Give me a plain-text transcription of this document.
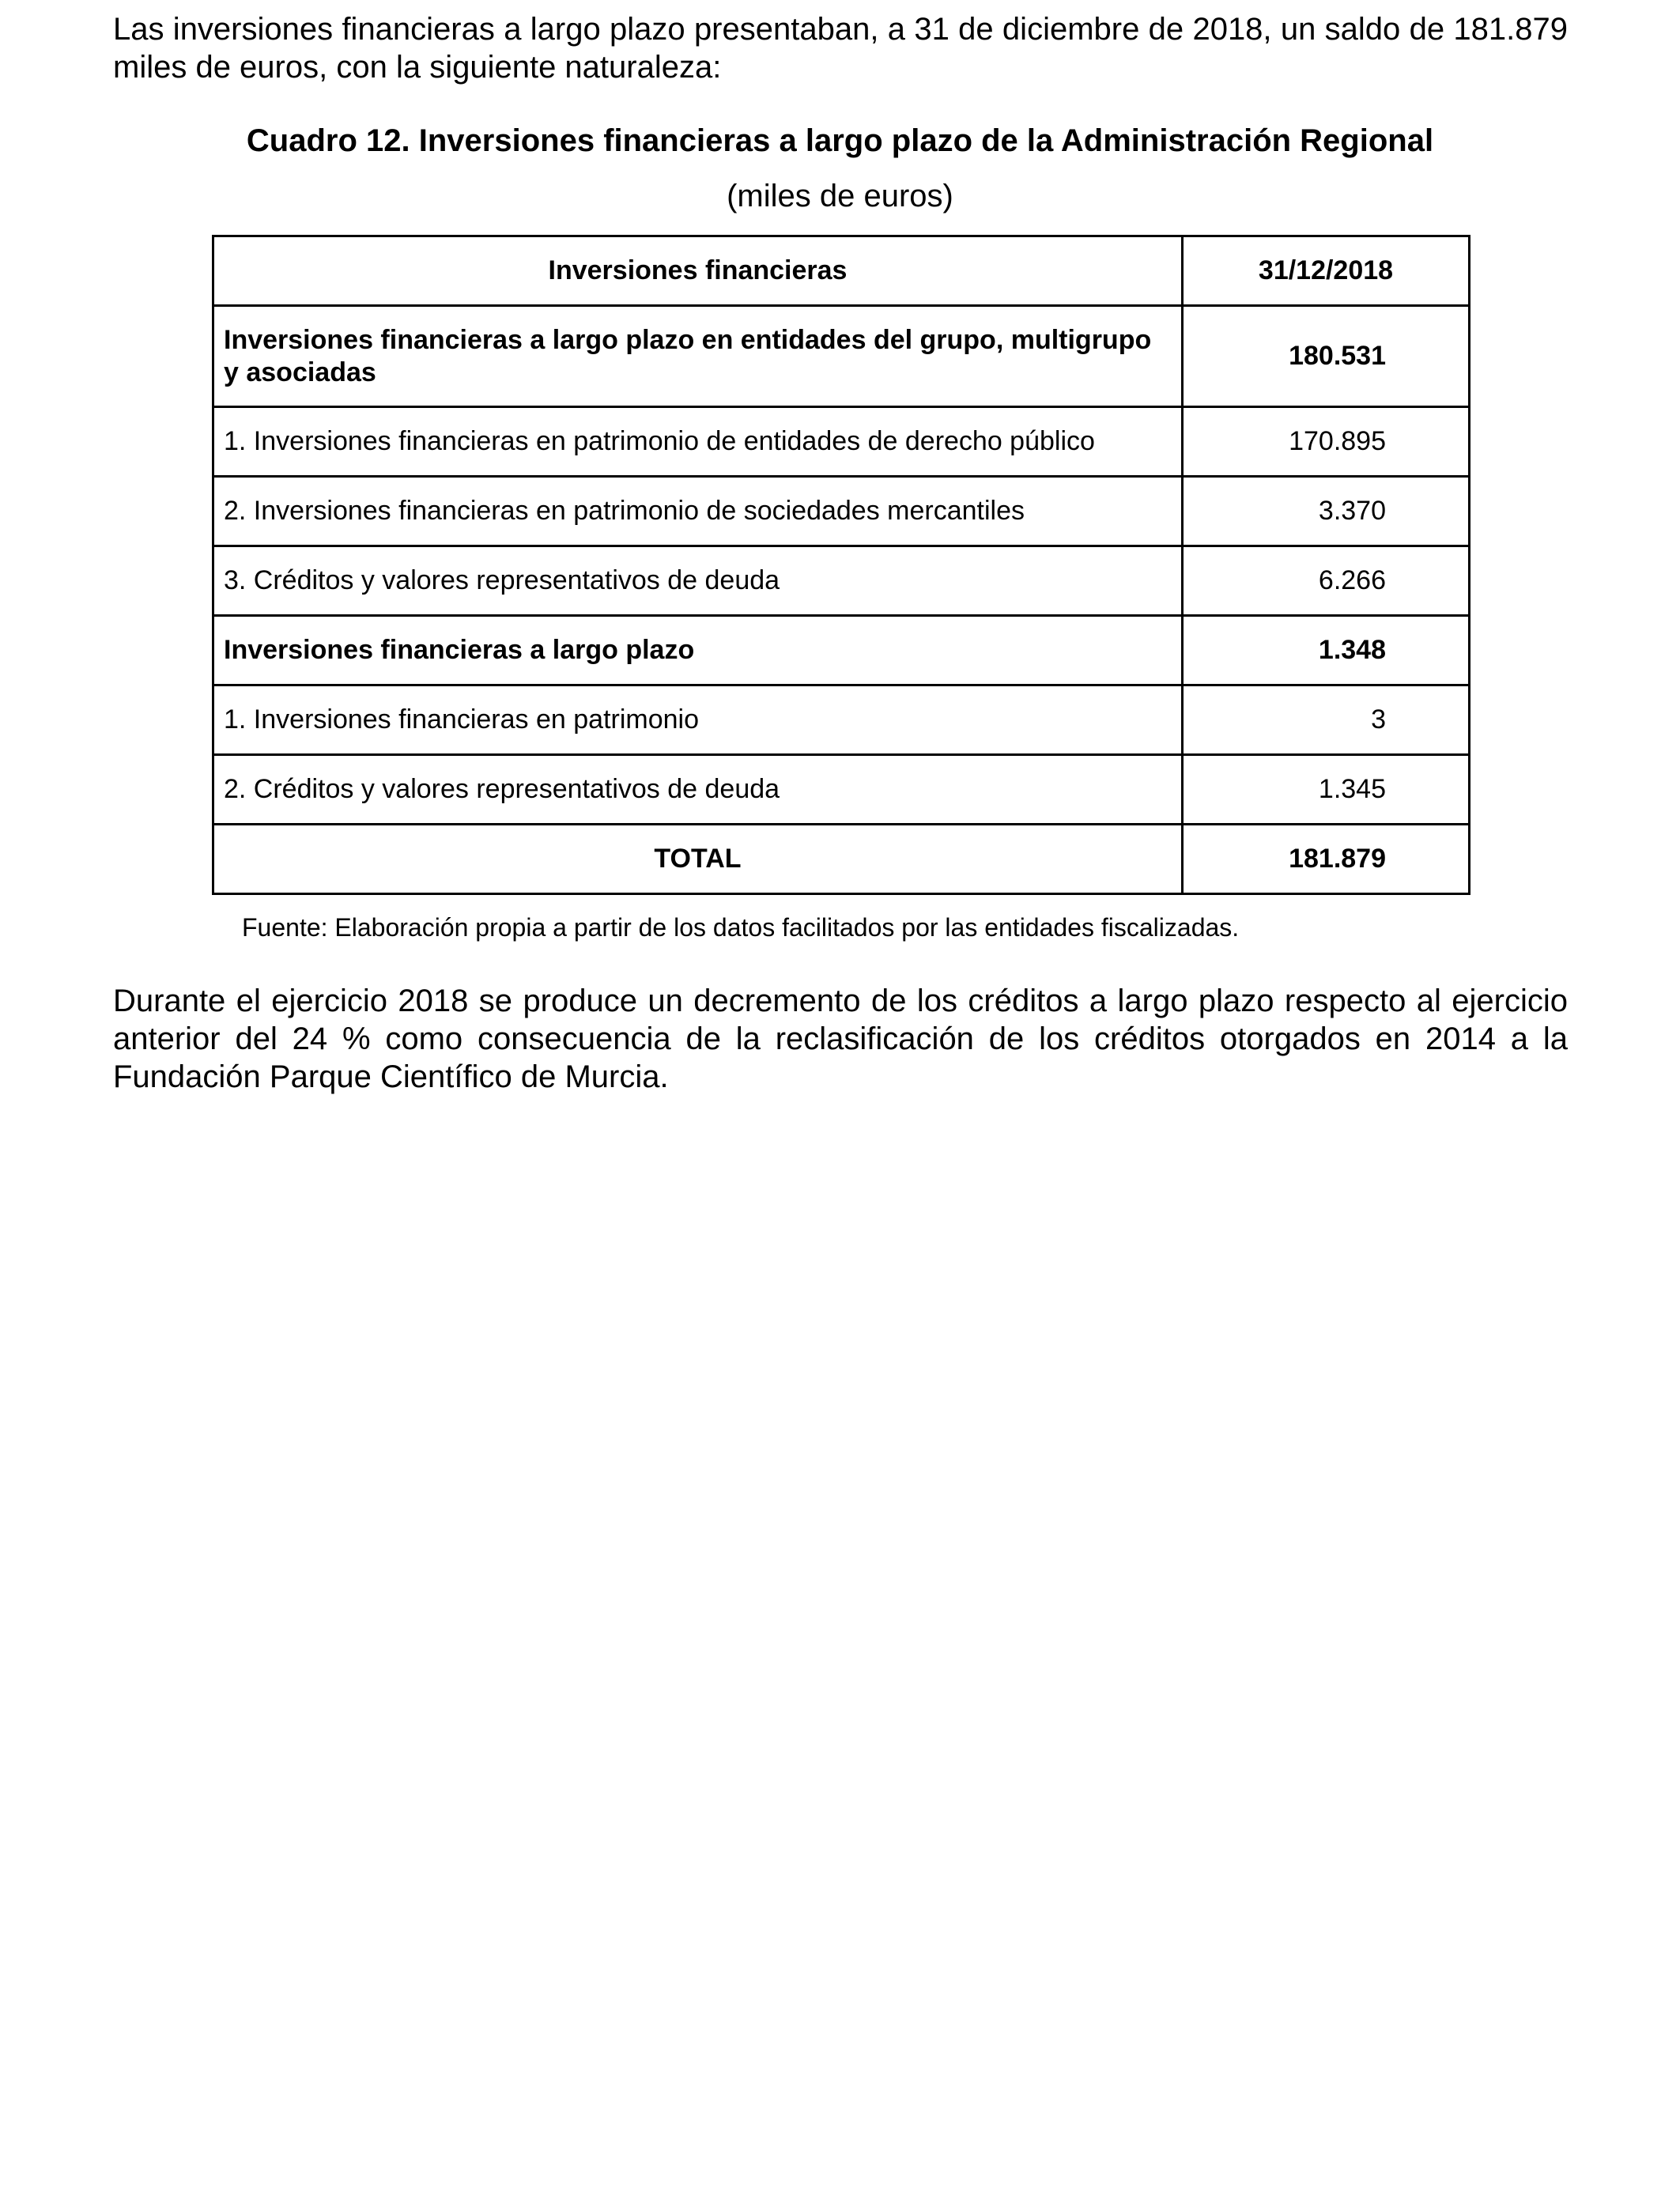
Las inversiones financieras a largo plazo presentaban, a 31 de diciembre de 2018, un saldo de 181.879 miles de euros, con la siguiente naturaleza:

Cuadro 12. Inversiones financieras a largo plazo de la Administración Regional
(miles de euros)
Inversiones financieras	31/12/2018
Inversiones financieras a largo plazo en entidades del grupo, multigrupo y asociadas	180.531
1. Inversiones financieras en patrimonio de entidades de derecho público	170.895
2. Inversiones financieras en patrimonio de sociedades mercantiles	3.370
3. Créditos y valores representativos de deuda	6.266
Inversiones financieras a largo plazo	1.348
1. Inversiones financieras en patrimonio	3
2. Créditos y valores representativos de deuda	1.345
TOTAL	181.879
Fuente: Elaboración propia a partir de los datos facilitados por las entidades fiscalizadas.

Durante el ejercicio 2018 se produce un decremento de los créditos a largo plazo respecto al ejercicio anterior del 24 % como consecuencia de la reclasificación de los créditos otorgados en 2014 a la Fundación Parque Científico de Murcia.
